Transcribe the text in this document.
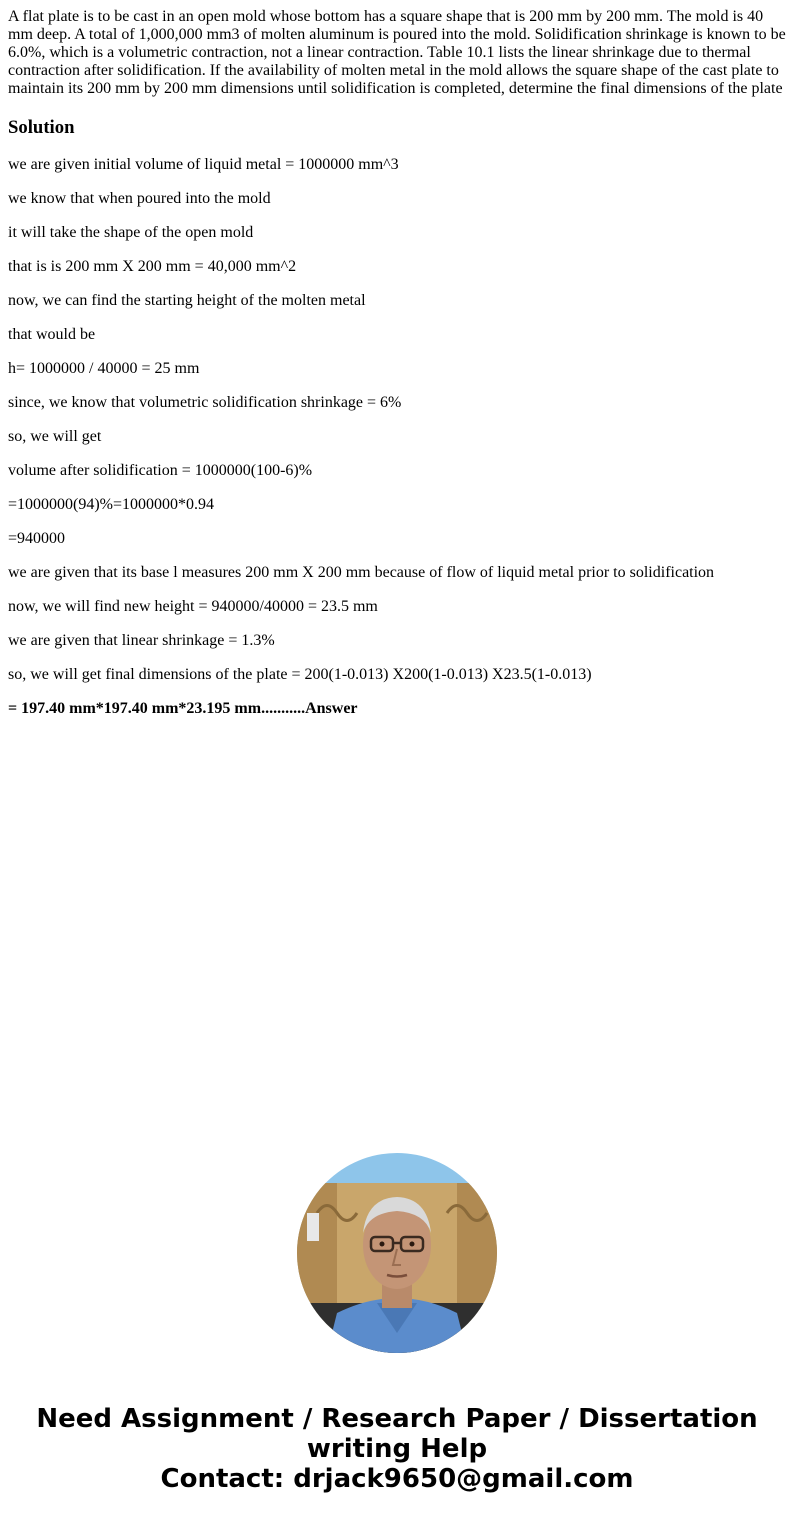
A flat plate is to be cast in an open mold whose bottom has a square shape that is 200 mm by 200 mm. The mold is 40 mm deep. A total of 1,000,000 mm3 of molten aluminum is poured into the mold. Solidification shrinkage is known to be 6.0%, which is a volumetric contraction, not a linear contraction. Table 10.1 lists the linear shrinkage due to thermal contraction after solidification. If the availability of molten metal in the mold allows the square shape of the cast plate to maintain its 200 mm by 200 mm dimensions until solidification is completed, determine the final dimensions of the plate

Solution

we are given initial volume of liquid metal = 1000000 mm^3

we know that when poured into the mold

it will take the shape of the open mold

that is is 200 mm X 200 mm = 40,000 mm^2

now, we can find the starting height of the molten metal

that would be

h= 1000000 / 40000 = 25 mm

since, we know that volumetric solidification shrinkage = 6%

so, we will get

volume after solidification = 1000000(100-6)%

=1000000(94)%=1000000*0.94

=940000

we are given that its base l measures 200 mm X 200 mm because of flow of liquid metal prior to solidification

now, we will find new height = 940000/40000 = 23.5 mm

we are given that linear shrinkage = 1.3%

so, we will get final dimensions of the plate = 200(1-0.013) X200(1-0.013) X23.5(1-0.013)

= 197.40 mm*197.40 mm*23.195 mm...........Answer

Need Assignment / Research Paper / Dissertation
writing Help
Contact: drjack9650@gmail.com
